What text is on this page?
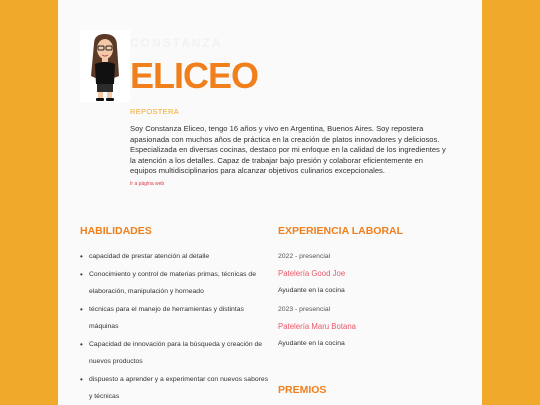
CONSTANZA
ELICEO
REPOSTERA

Soy Constanza Eliceo, tengo 16 años y vivo en Argentina, Buenos Aires. Soy repostera apasionada con muchos años de práctica en la creación de platos innovadores y deliciosos. Especializada en diversas cocinas, destaco por mi enfoque en la calidad de los ingredientes y la atención a los detalles. Capaz de trabajar bajo presión y colaborar eficientemente en equipos multidisciplinarios para alcanzar objetivos culinarios excepcionales.

Ir a página web
HABILIDADES
• capacidad de prestar atención al detalle
• Conocimiento y control de materias primas, técnicas de elaboración, manipulación y horneado
• técnicas para el manejo de herramientas y distintas máquinas
• Capacidad de innovación para la búsqueda y creación de nuevos productos
• dispuesto a aprender y a experimentar con nuevos sabores y técnicas
EXPERIENCIA LABORAL
2022 - presencial
Patelería Good Joe
Ayudante en la cocina
2023 - presencial
Patelería Maru Botana
Ayudante en la cocina
PREMIOS
